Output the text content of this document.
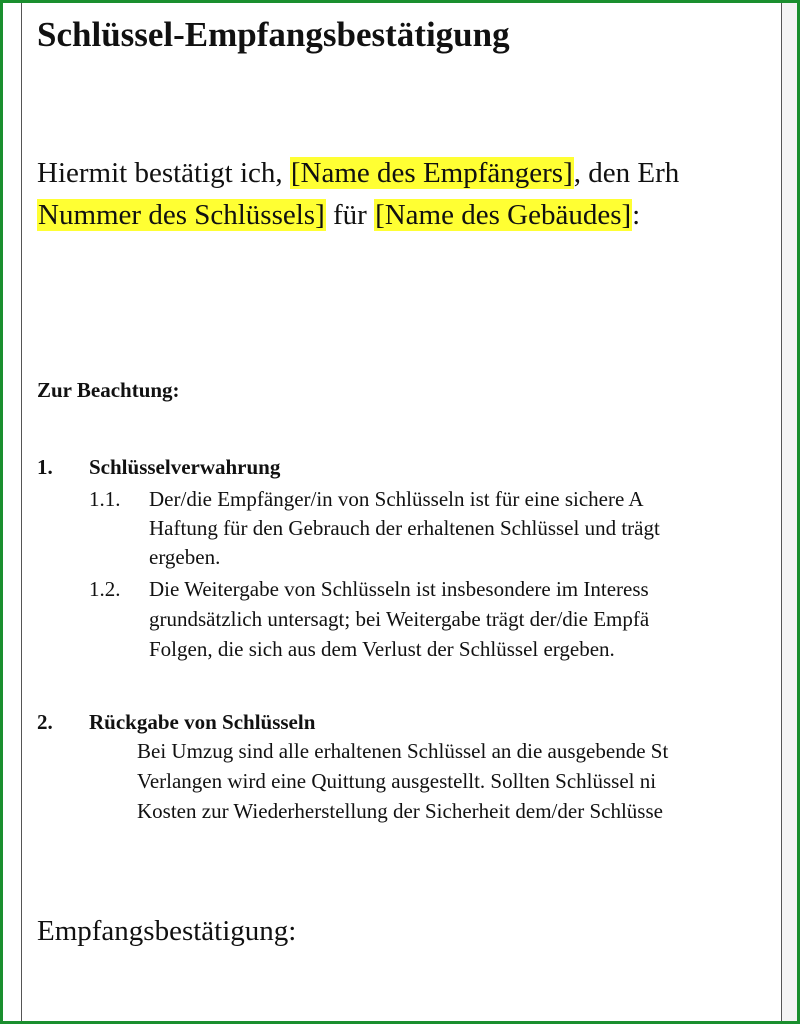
Schlüssel-Empfangsbestätigung
Hiermit bestätigt ich, [Name des Empfängers], den Erh
Nummer des Schlüssels] für [Name des Gebäudes]:
Zur Beachtung:
1. Schlüsselverwahrung
1.1. Der/die Empfänger/in von Schlüsseln ist für eine sichere A
Haftung für den Gebrauch der erhaltenen Schlüssel und trägt
ergeben.
1.2. Die Weitergabe von Schlüsseln ist insbesondere im Interess
grundsätzlich untersagt; bei Weitergabe trägt der/die Empfä
Folgen, die sich aus dem Verlust der Schlüssel ergeben.
2. Rückgabe von Schlüsseln
Bei Umzug sind alle erhaltenen Schlüssel an die ausgebende St
Verlangen wird eine Quittung ausgestellt. Sollten Schlüssel ni
Kosten zur Wiederherstellung der Sicherheit dem/der Schlüsse
Empfangsbestätigung:
